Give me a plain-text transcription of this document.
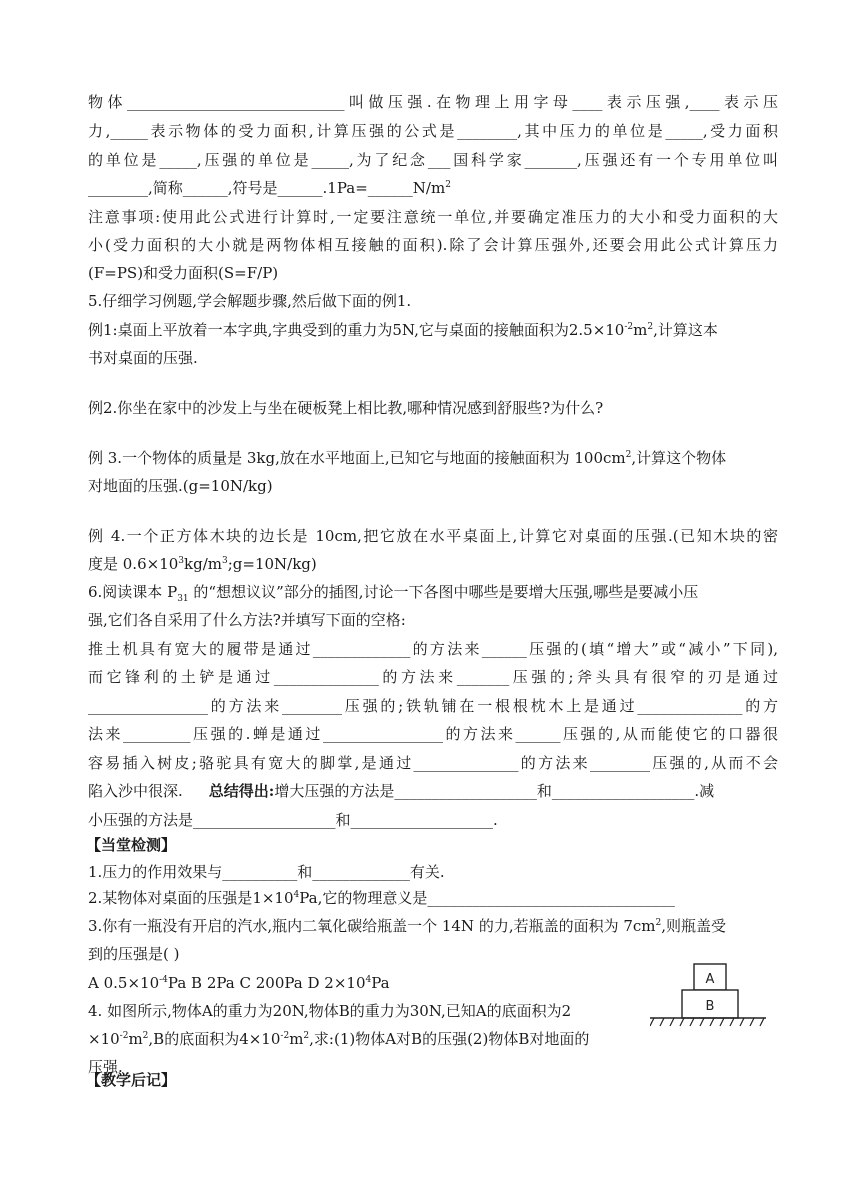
物体_____________________________叫做压强.在物理上用字母____表示压强,____表示压
力,_____表示物体的受力面积,计算压强的公式是________,其中压力的单位是_____,受力面积
的单位是_____,压强的单位是_____,为了纪念___国科学家_______,压强还有一个专用单位叫
________,简称______,符号是$\_\_\_\_\_\_.1Pa=\_\_\_\_\_\_N/m^2$
注意事项:使用此公式进行计算时,一定要注意统一单位,并要确定准压力的大小和受力面积的大
小(受力面积的大小就是两物体相互接触的面积).除了会计算压强外,还要会用此公式计算压力
(F=PS)和受力面积(S=F/P)
5.仔细学习例题,学会解题步骤,然后做下面的例1.
例1:桌面上平放着一本字典,字典受到的重力为5N,它与桌面的接触面积为$2.5\times 10^{-2}m^2$,计算这本
书对桌面的压强.
例2.你坐在家中的沙发上与坐在硬板凳上相比教,哪种情况感到舒服些?为什么?
例 3.一个物体的质量是 3kg,放在水平地面上,已知它与地面的接触面积为 $100cm^2$,计算这个物体
对地面的压强.(g=10N/kg)
例 4.一个正方体木块的边长是 10cm,把它放在水平桌面上,计算它对桌面的压强.(已知木块的密
度是 $0.6\times 10^3kg/m^3;g=10N/kg$)
6.阅读课本 $P_{31}$ 的“想想议议”部分的插图,讨论一下各图中哪些是要增大压强,哪些是要减小压
强,它们各自采用了什么方法?并填写下面的空格:
推土机具有宽大的履带是通过_____________的方法来______压强的(填“增大”或“减小”下同),
而它锋利的土铲是通过______________的方法来_______压强的;斧头具有很窄的刃是通过
________________的方法来________压强的;铁轨铺在一根根枕木上是通过______________的方
法来_________压强的.蝉是通过________________的方法来______压强的,从而能使它的口器很
容易插入树皮;骆驼具有宽大的脚掌,是通过______________的方法来________压强的,从而不会
陷入沙中很深. 总结得出:增大压强的方法是___________________和___________________.减
小压强的方法是___________________和___________________.
【当堂检测】
1.压力的作用效果与__________和_____________有关.
2.某物体对桌面的压强是$1\times 10^4Pa$,它的物理意义是_________________________________
3.你有一瓶没有开启的汽水,瓶内二氧化碳给瓶盖一个 14N 的力,若瓶盖的面积为 $7cm^2$,则瓶盖受
到的压强是( )
A $0.5\times 10^{-4}Pa$ B 2Pa C 200Pa D $2\times 10^4Pa$
4. 如图所示,物体A的重力为20N,物体B的重力为30N,已知A的底面积为2
$\times 10^{-2}m^2,B$的底面积为$4\times 10^{-2}m^2$,求:(1)物体A对B的压强(2)物体B对地面的
压强.
A
B
【教学后记】
